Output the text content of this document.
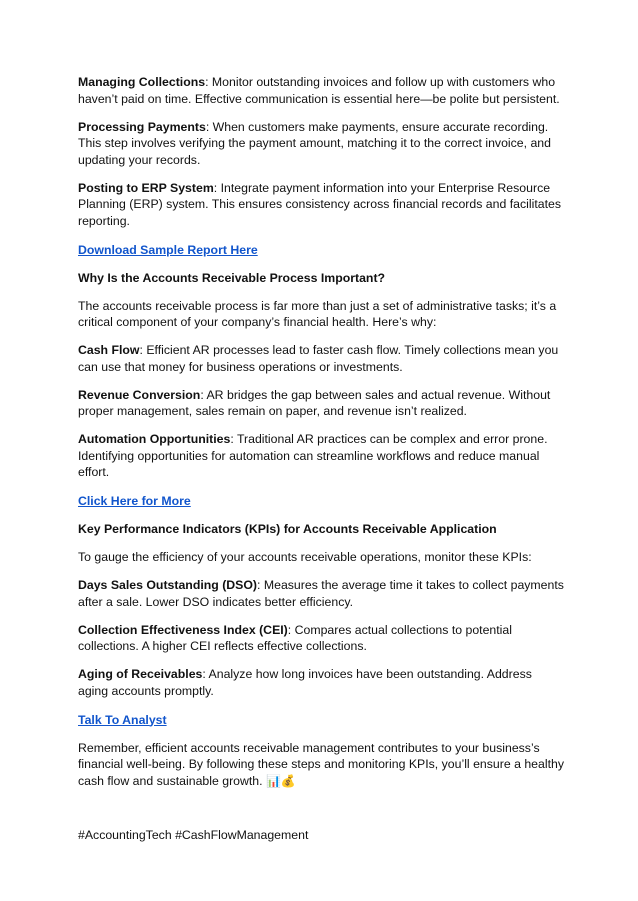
Managing Collections: Monitor outstanding invoices and follow up with customers who haven’t paid on time. Effective communication is essential here—be polite but persistent.

Processing Payments: When customers make payments, ensure accurate recording. This step involves verifying the payment amount, matching it to the correct invoice, and updating your records.

Posting to ERP System: Integrate payment information into your Enterprise Resource Planning (ERP) system. This ensures consistency across financial records and facilitates reporting.

Download Sample Report Here

Why Is the Accounts Receivable Process Important?

The accounts receivable process is far more than just a set of administrative tasks; it’s a critical component of your company’s financial health. Here’s why:

Cash Flow: Efficient AR processes lead to faster cash flow. Timely collections mean you can use that money for business operations or investments.

Revenue Conversion: AR bridges the gap between sales and actual revenue. Without proper management, sales remain on paper, and revenue isn’t realized.

Automation Opportunities: Traditional AR practices can be complex and error prone. Identifying opportunities for automation can streamline workflows and reduce manual effort.

Click Here for More

Key Performance Indicators (KPIs) for Accounts Receivable Application

To gauge the efficiency of your accounts receivable operations, monitor these KPIs:

Days Sales Outstanding (DSO): Measures the average time it takes to collect payments after a sale. Lower DSO indicates better efficiency.

Collection Effectiveness Index (CEI): Compares actual collections to potential collections. A higher CEI reflects effective collections.

Aging of Receivables: Analyze how long invoices have been outstanding. Address aging accounts promptly.

Talk To Analyst

Remember, efficient accounts receivable management contributes to your business’s financial well-being. By following these steps and monitoring KPIs, you’ll ensure a healthy cash flow and sustainable growth. 📊💰

#AccountingTech #CashFlowManagement
